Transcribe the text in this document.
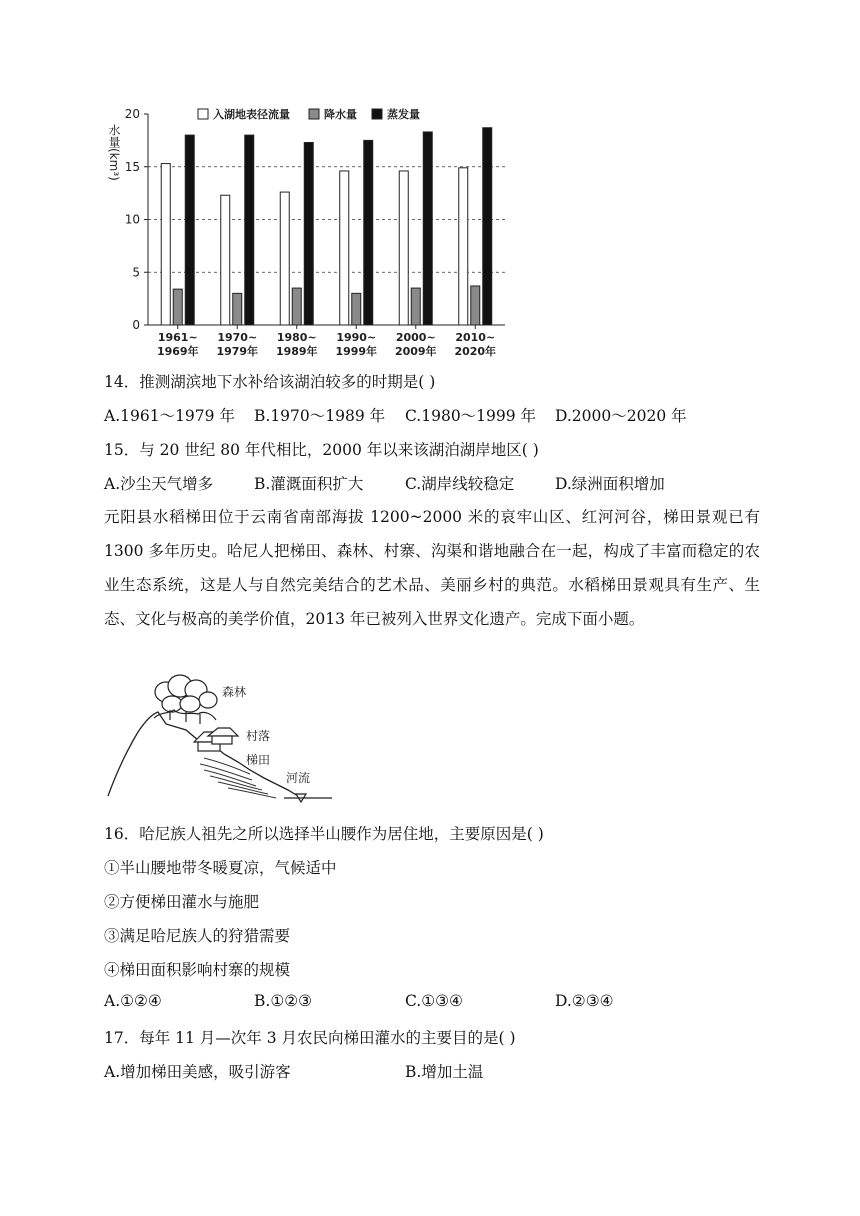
0
5
10
15
20
水量(km³)
1961~
1969年
1970~
1979年
1980~
1989年
1990~
1999年
2000~
2009年
2010~
2020年
入湖地表径流量	降水量	蒸发量
14．推测湖滨地下水补给该湖泊较多的时期是( )
A.1961～1979 年 B.1970～1989 年 C.1980～1999 年 D.2000～2020 年
15．与 20 世纪 80 年代相比，2000 年以来该湖泊湖岸地区( )
A.沙尘天气增多	B.灌溉面积扩大	C.湖岸线较稳定	D.绿洲面积增加
元阳县水稻梯田位于云南省南部海拔 1200~2000 米的哀牢山区、红河河谷，梯田景观已有 1300 多年历史。哈尼人把梯田、森林、村寨、沟渠和谐地融合在一起，构成了丰富而稳定的农业生态系统，这是人与自然完美结合的艺术品、美丽乡村的典范。水稻梯田景观具有生产、生态、文化与极高的美学价值，2013 年已被列入世界文化遗产。完成下面小题。
森林
村落
梯田
河流
16．哈尼族人祖先之所以选择半山腰作为居住地，主要原因是( )
①半山腰地带冬暖夏凉，气候适中
②方便梯田灌水与施肥
③满足哈尼族人的狩猎需要
④梯田面积影响村寨的规模
A.①②④	B.①②③	C.①③④	D.②③④
17．每年 11 月—次年 3 月农民向梯田灌水的主要目的是( )
A.增加梯田美感，吸引游客	B.增加土温
